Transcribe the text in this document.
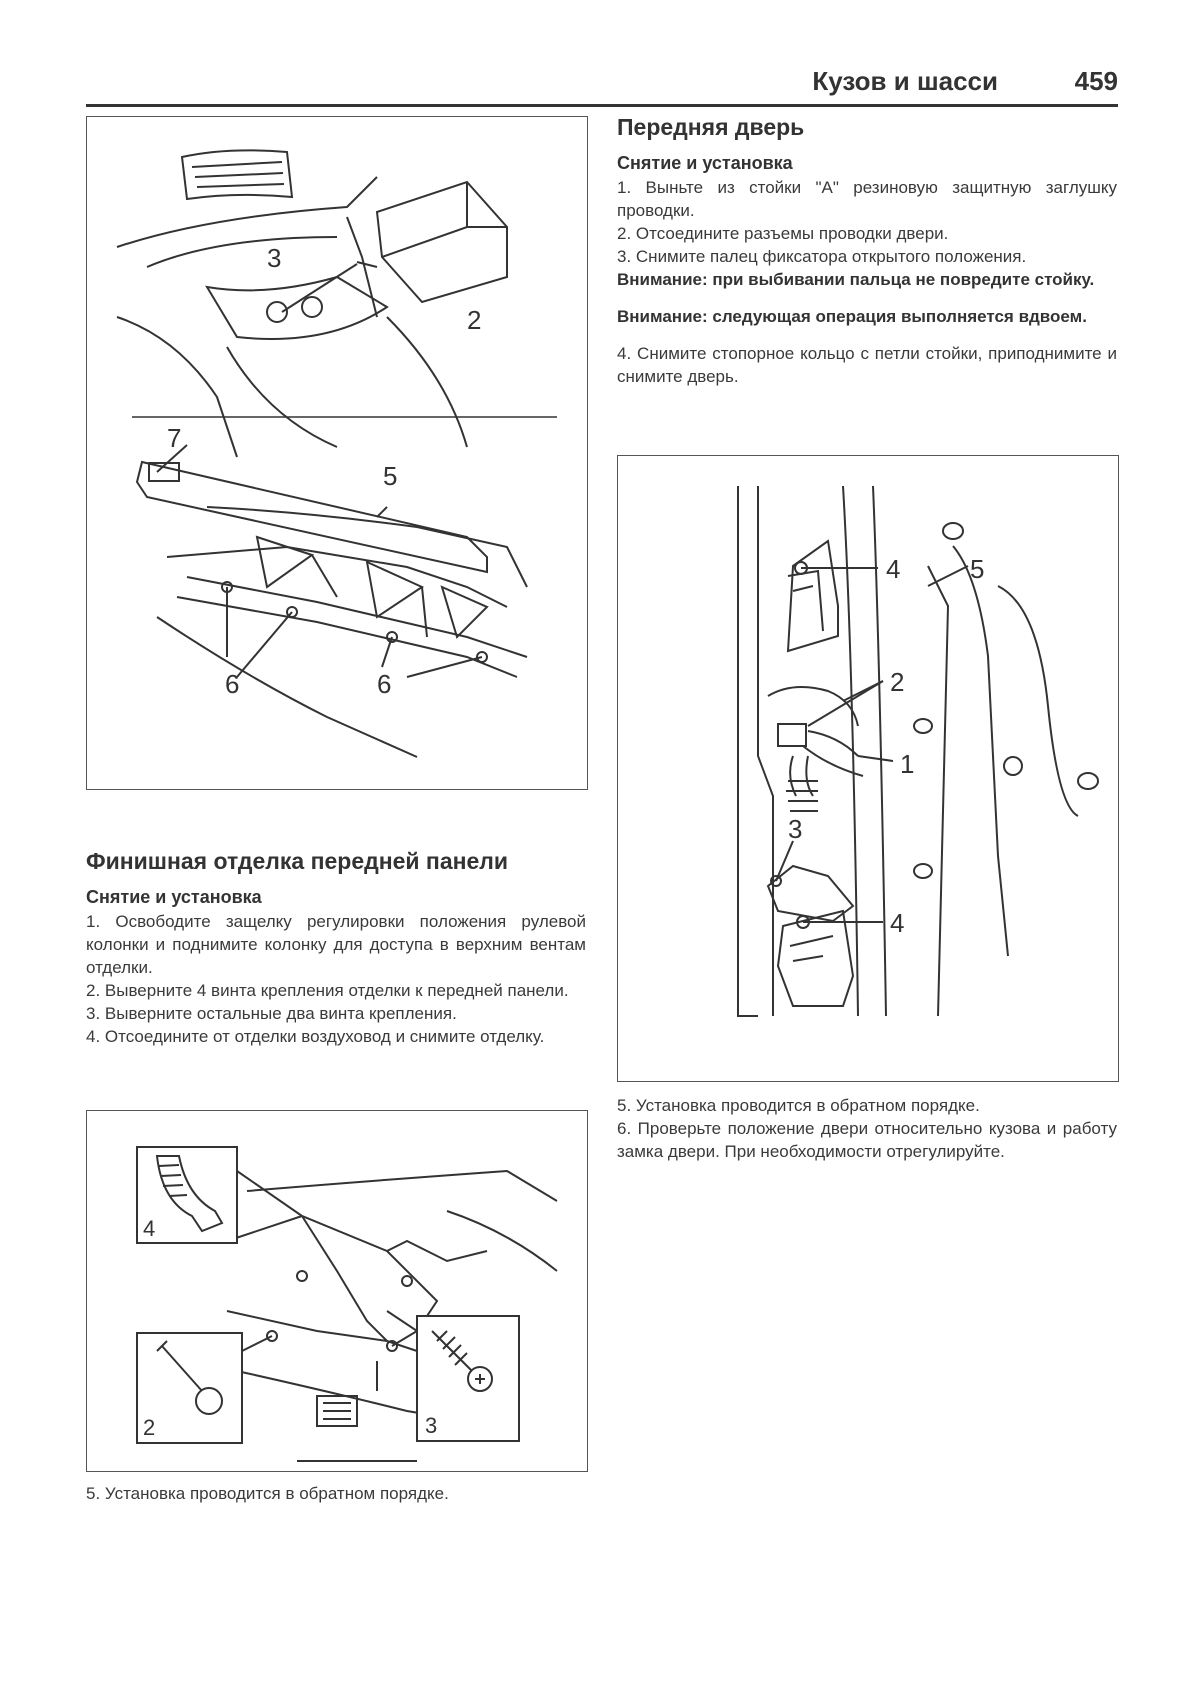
Кузов и шасси	459
2
3
5
6	6
7
Финишная отделка передней панели
Снятие и установка

1. Освободите защелку регулировки положения рулевой колонки и поднимите колонку для доступа в верхним вентам отделки.

2. Выверните 4 винта крепления отделки к передней панели.

3. Выверните остальные два винта крепления.

4. Отсоедините от отделки воздуховод и снимите отделку.

4
2	3

5. Установка проводится в обратном порядке.

Передняя дверь
Снятие и установка

1. Выньте из стойки "А" резиновую защитную заглушку проводки.

2. Отсоедините разъемы проводки двери.

3. Снимите палец фиксатора открытого положения.

Внимание: при выбивании пальца не повредите стойку.

Внимание: следующая операция выполняется вдвоем.

4. Снимите стопорное кольцо с петли стойки, приподнимите и снимите дверь.

4	5
2
1
3
4

5. Установка проводится в обратном порядке.

6. Проверьте положение двери относительно кузова и работу замка двери. При необходимости отрегулируйте.
